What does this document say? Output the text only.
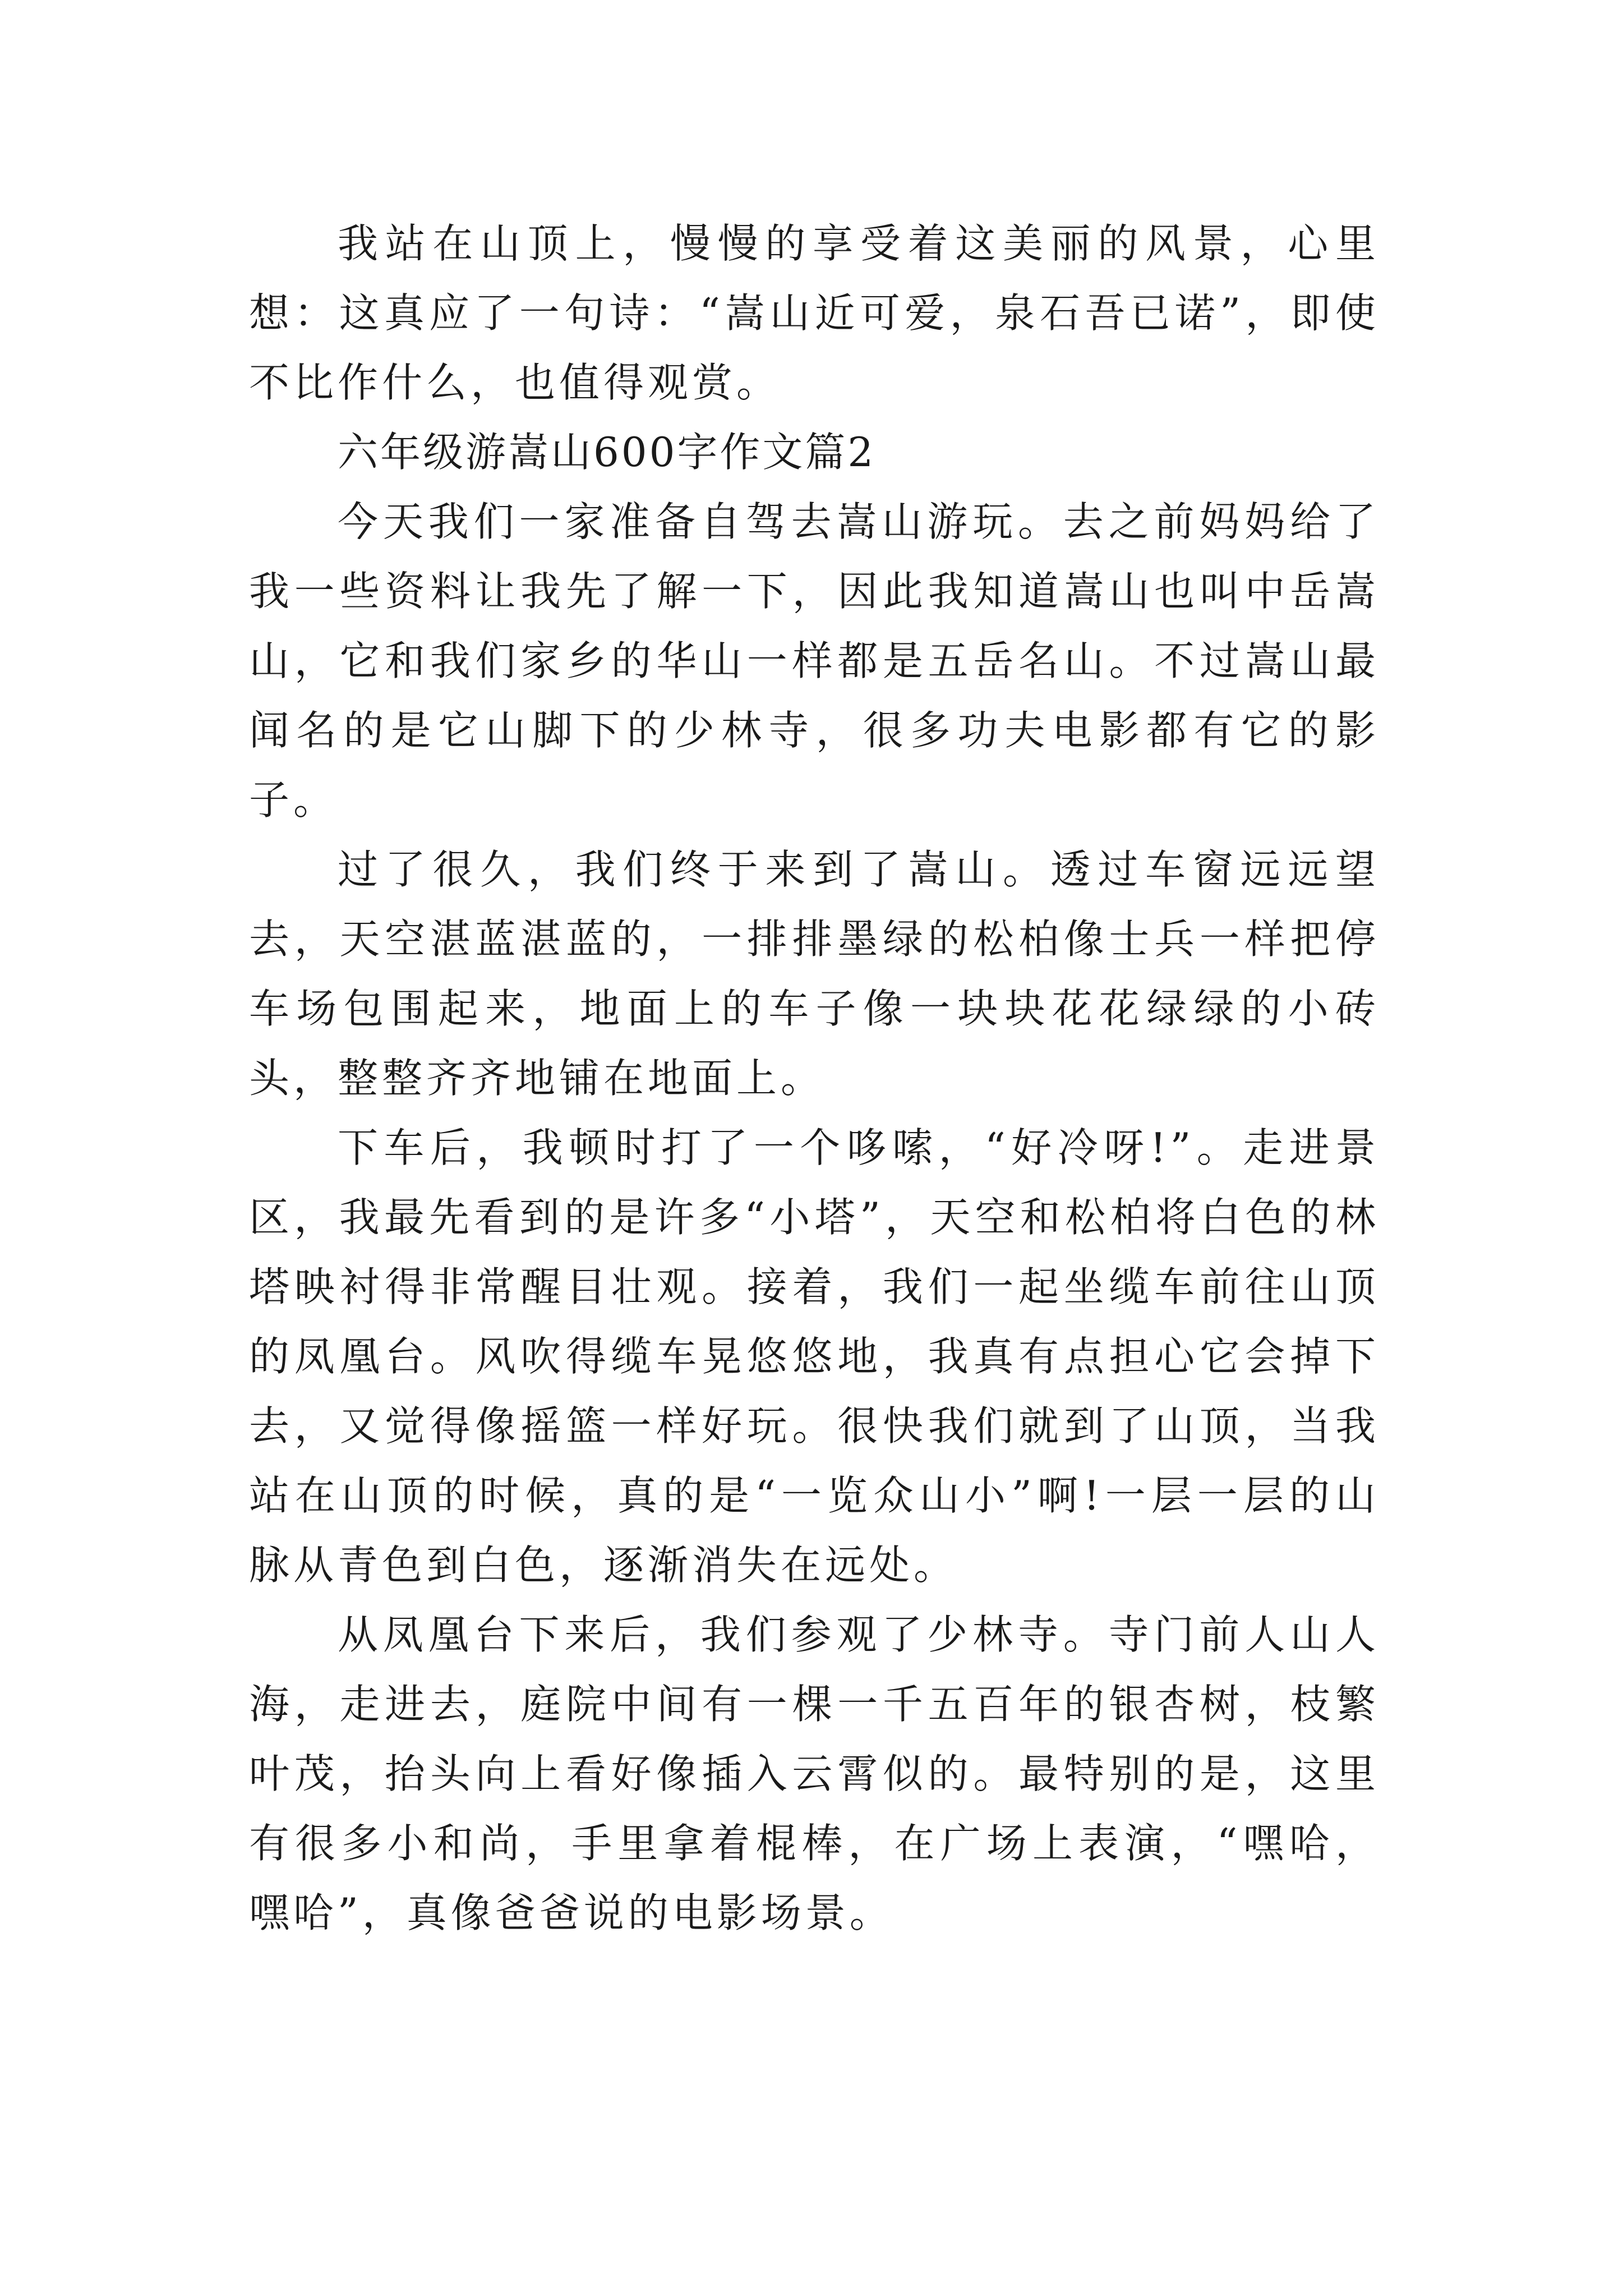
我站在山顶上，慢慢的享受着这美丽的风景，心里想：这真应了一句诗：“嵩山近可爱，泉石吾已诺”，即使不比作什么，也值得观赏。

六年级游嵩山600字作文篇2

今天我们一家准备自驾去嵩山游玩。去之前妈妈给了我一些资料让我先了解一下，因此我知道嵩山也叫中岳嵩山，它和我们家乡的华山一样都是五岳名山。不过嵩山最闻名的是它山脚下的少林寺，很多功夫电影都有它的影子。

过了很久，我们终于来到了嵩山。透过车窗远远望去，天空湛蓝湛蓝的，一排排墨绿的松柏像士兵一样把停车场包围起来，地面上的车子像一块块花花绿绿的小砖头，整整齐齐地铺在地面上。

下车后，我顿时打了一个哆嗦，“好冷呀!”。走进景区，我最先看到的是许多“小塔”，天空和松柏将白色的林塔映衬得非常醒目壮观。接着，我们一起坐缆车前往山顶的凤凰台。风吹得缆车晃悠悠地，我真有点担心它会掉下去，又觉得像摇篮一样好玩。很快我们就到了山顶，当我站在山顶的时候，真的是“一览众山小”啊!一层一层的山脉从青色到白色，逐渐消失在远处。

从凤凰台下来后，我们参观了少林寺。寺门前人山人海，走进去，庭院中间有一棵一千五百年的银杏树，枝繁叶茂，抬头向上看好像插入云霄似的。最特别的是，这里有很多小和尚，手里拿着棍棒，在广场上表演，“嘿哈，嘿哈”，真像爸爸说的电影场景。
